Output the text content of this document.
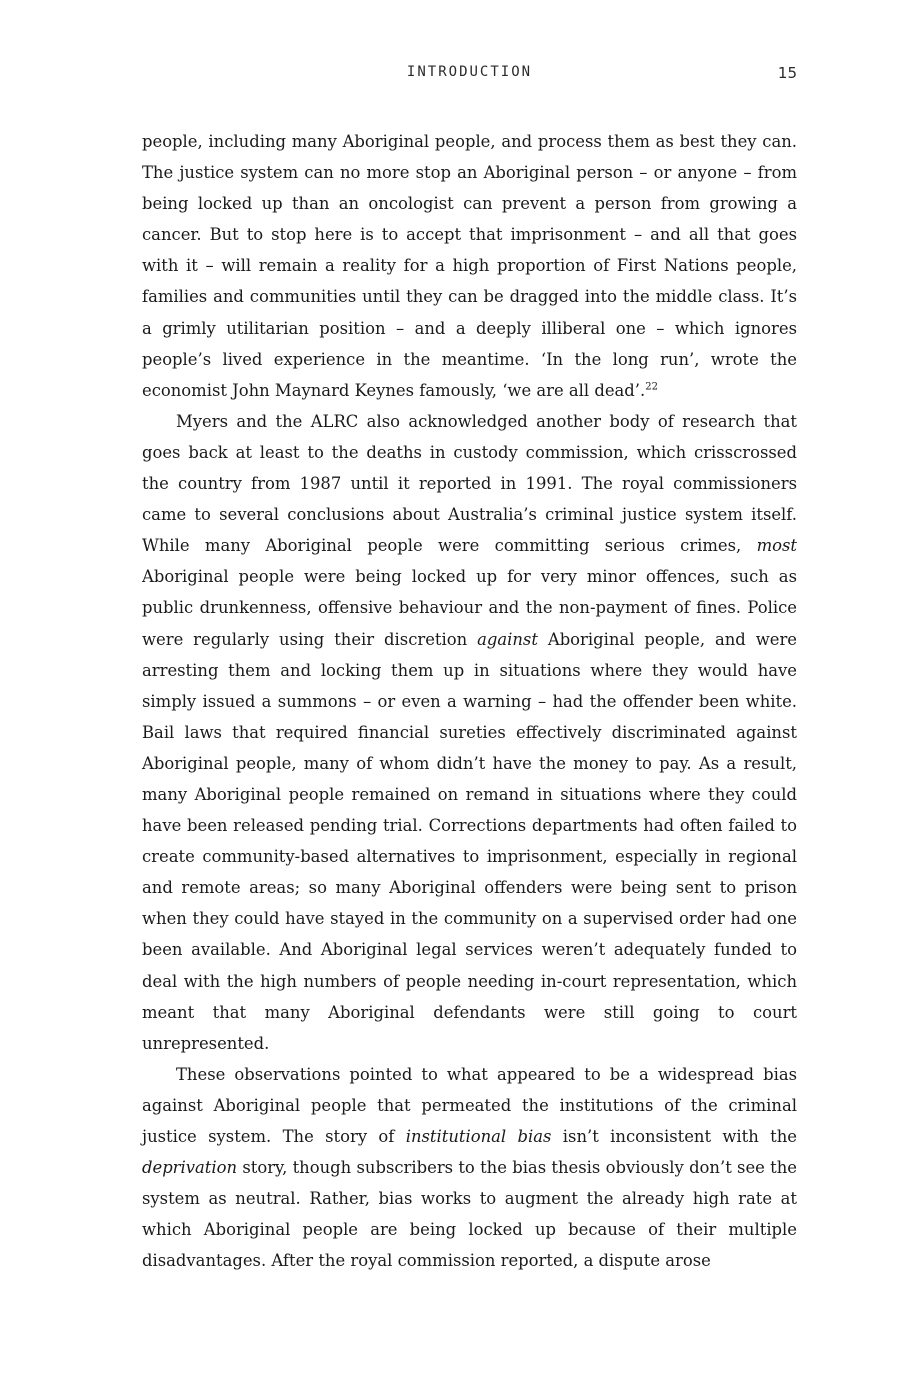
INTRODUCTION	15

people, including many Aboriginal people, and process them as best they can. The justice system can no more stop an Aboriginal person – or anyone – from being locked up than an oncologist can prevent a person from growing a cancer. But to stop here is to accept that imprisonment – and all that goes with it – will remain a reality for a high proportion of First Nations people, families and communities until they can be dragged into the middle class. It’s a grimly utilitarian position – and a deeply illiberal one – which ignores people’s lived experience in the meantime. ‘In the long run’, wrote the economist John Maynard Keynes famously, ‘we are all dead’.$^{22}$

Myers and the ALRC also acknowledged another body of research that goes back at least to the deaths in custody commission, which crisscrossed the country from 1987 until it reported in 1991. The royal commissioners came to several conclusions about Australia’s criminal justice system itself. While many Aboriginal people were committing serious crimes, most Aboriginal people were being locked up for very minor offences, such as public drunkenness, offensive behaviour and the non-payment of fines. Police were regularly using their discretion against Aboriginal people, and were arresting them and locking them up in situations where they would have simply issued a summons – or even a warning – had the offender been white. Bail laws that required financial sureties effectively discriminated against Aboriginal people, many of whom didn’t have the money to pay. As a result, many Aboriginal people remained on remand in situations where they could have been released pending trial. Corrections departments had often failed to create community-based alternatives to imprisonment, especially in regional and remote areas; so many Aboriginal offenders were being sent to prison when they could have stayed in the community on a supervised order had one been available. And Aboriginal legal services weren’t adequately funded to deal with the high numbers of people needing in-court representation, which meant that many Aboriginal defendants were still going to court unrepresented.

These observations pointed to what appeared to be a widespread bias against Aboriginal people that permeated the institutions of the criminal justice system. The story of institutional bias isn’t inconsistent with the deprivation story, though subscribers to the bias thesis obviously don’t see the system as neutral. Rather, bias works to augment the already high rate at which Aboriginal people are being locked up because of their multiple disadvantages. After the royal commission reported, a dispute arose
